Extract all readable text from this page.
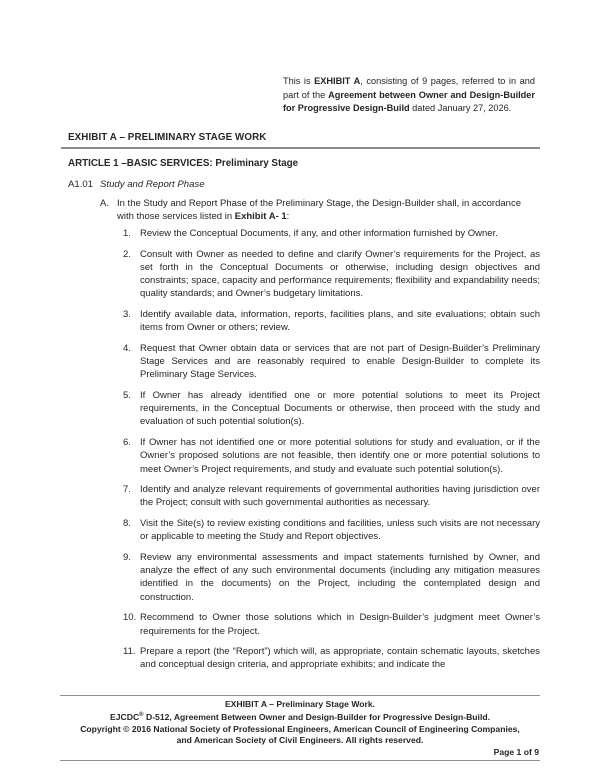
This is EXHIBIT A, consisting of 9 pages, referred to in and part of the Agreement between Owner and Design-Builder for Progressive Design-Build dated January 27, 2026.

EXHIBIT A – PRELIMINARY STAGE WORK
ARTICLE 1 –BASIC SERVICES: Preliminary Stage
A1.01 Study and Report Phase
A. In the Study and Report Phase of the Preliminary Stage, the Design-Builder shall, in accordance with those services listed in Exhibit A- 1:
1. Review the Conceptual Documents, if any, and other information furnished by Owner.
2. Consult with Owner as needed to define and clarify Owner’s requirements for the Project, as set forth in the Conceptual Documents or otherwise, including design objectives and constraints; space, capacity and performance requirements; flexibility and expandability needs; quality standards; and Owner’s budgetary limitations.
3. Identify available data, information, reports, facilities plans, and site evaluations; obtain such items from Owner or others; review.
4. Request that Owner obtain data or services that are not part of Design-Builder’s Preliminary Stage Services and are reasonably required to enable Design-Builder to complete its Preliminary Stage Services.
5. If Owner has already identified one or more potential solutions to meet its Project requirements, in the Conceptual Documents or otherwise, then proceed with the study and evaluation of such potential solution(s).
6. If Owner has not identified one or more potential solutions for study and evaluation, or if the Owner’s proposed solutions are not feasible, then identify one or more potential solutions to meet Owner’s Project requirements, and study and evaluate such potential solution(s).
7. Identify and analyze relevant requirements of governmental authorities having jurisdiction over the Project; consult with such governmental authorities as necessary.
8. Visit the Site(s) to review existing conditions and facilities, unless such visits are not necessary or applicable to meeting the Study and Report objectives.
9. Review any environmental assessments and impact statements furnished by Owner, and analyze the effect of any such environmental documents (including any mitigation measures identified in the documents) on the Project, including the contemplated design and construction.
10. Recommend to Owner those solutions which in Design-Builder’s judgment meet Owner’s requirements for the Project.
11. Prepare a report (the “Report”) which will, as appropriate, contain schematic layouts, sketches and conceptual design criteria, and appropriate exhibits; and indicate the
EXHIBIT A – Preliminary Stage Work.
EJCDC® D-512, Agreement Between Owner and Design-Builder for Progressive Design-Build.
Copyright © 2016 National Society of Professional Engineers, American Council of Engineering Companies,
and American Society of Civil Engineers. All rights reserved.
Page 1 of 9
